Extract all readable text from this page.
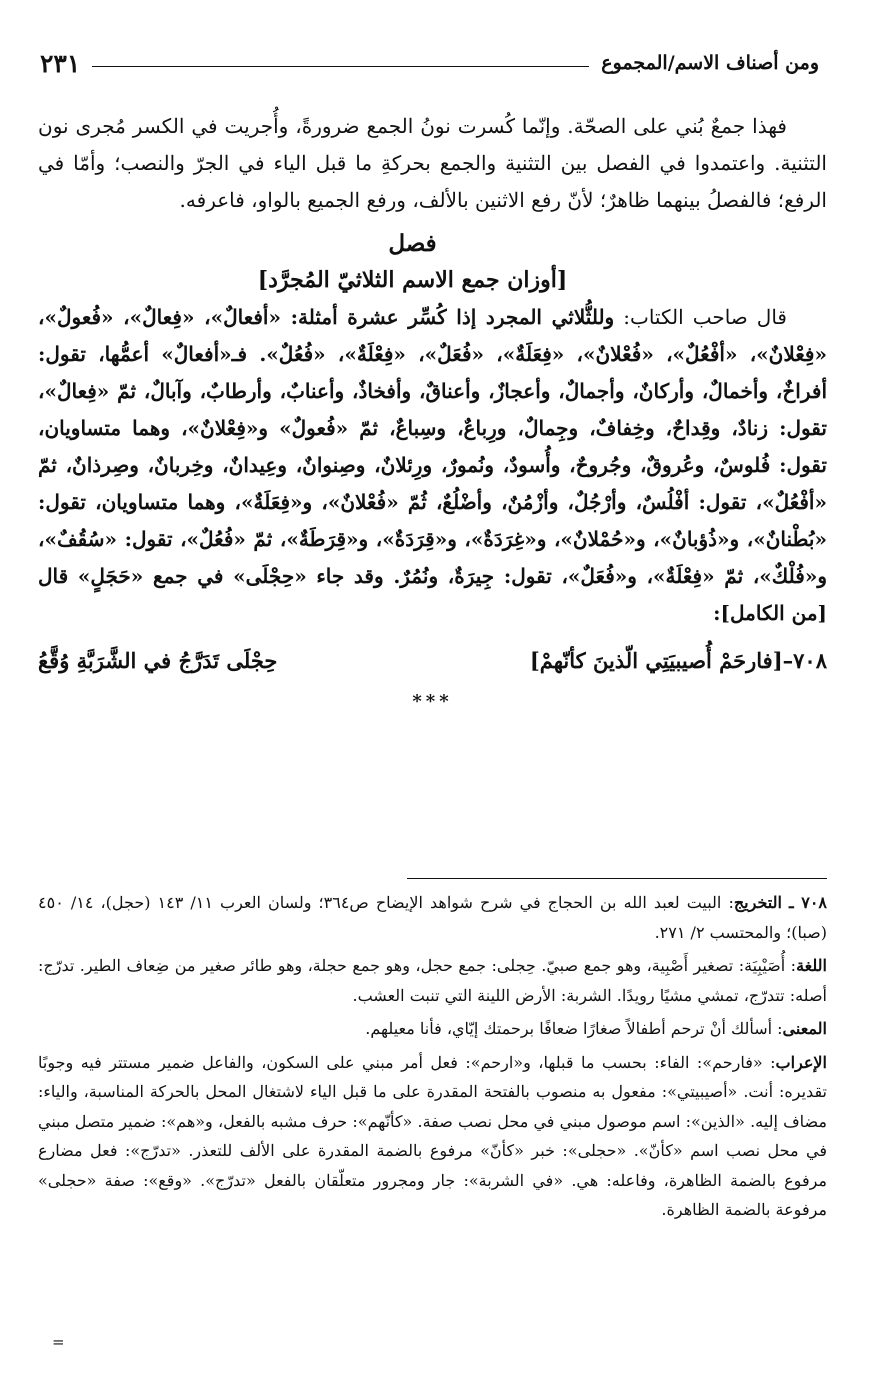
ومن أصناف الاسم/المجموع
٢٣١

فهذا جمعٌ بُني على الصحّة. وإنّما كُسرت نونُ الجمع ضرورةً، وأُجريت في الكسر مُجرى نون التثنية. واعتمدوا في الفصل بين التثنية والجمع بحركةِ ما قبل الياء في الجرّ والنصب؛ وأمّا في الرفع؛ فالفصلُ بينهما ظاهرٌ؛ لأنّ رفع الاثنين بالألف، ورفع الجميع بالواو، فاعرفه.

فصل

[أوزان جمع الاسم الثلاثيّ المُجرَّد]

قال صاحب الكتاب: وللثُّلاثي المجرد إذا كُسِّر عشرة أمثلة: «أفعالٌ»، «فِعالٌ»، «فُعولٌ»، «فِعْلانٌ»، «أفْعُلٌ»، «فُعْلانٌ»، «فِعَلَةٌ»، «فُعَلٌ»، «فِعْلَةٌ»، «فُعُلٌ». فـ«أفعالٌ» أعمُّها، تقول: أفراخٌ، وأخمالٌ، وأركانٌ، وأجمالٌ، وأعجازٌ، وأعناقٌ، وأفخاذٌ، وأعنابٌ، وأرطابٌ، وآبالٌ، ثمّ «فِعالٌ»، تقول: زنادٌ، وقِداحٌ، وخِفافٌ، وجِمالٌ، ورِباعٌ، وسِباعٌ، ثمّ «فُعولٌ» و«فِعْلانٌ»، وهما متساويان، تقول: فُلوسٌ، وعُروقٌ، وجُروحٌ، وأُسودٌ، ونُمورٌ، ورِئلانٌ، وصِنوانٌ، وعِيدانٌ، وخِربانٌ، وصِرذانٌ، ثمّ «أفْعُلٌ»، تقول: أفْلُسٌ، وأرْجُلٌ، وأزْمُنٌ، وأضْلُعٌ، ثُمّ «فُعْلانٌ»، و«فِعَلَةٌ»، وهما متساويان، تقول: «بُطْنانٌ»، و«ذُؤبانٌ»، و«حُمْلانٌ»، و«غِرَدَةٌ»، و«قِرَدَةٌ»، و«قِرَطَةٌ»، ثمّ «فُعُلٌ»، تقول: «سُقُفٌ»، و«فُلْكٌ»، ثمّ «فِعْلَةٌ»، و«فُعَلٌ»، تقول: جِيرَةٌ، ونُمُرٌ. وقد جاء «حِجْلَى» في جمع «حَجَلٍ» قال [من الكامل]:

٧٠٨–[فارحَمْ أُصيبيَتِي الّذينَ كأنّهمْ]
حِجْلَى تَدَرَّجُ في الشَّرَبَّةِ وُقَّعُ
***

٧٠٨ ـ التخريج: البيت لعبد الله بن الحجاج في شرح شواهد الإيضاح ص٣٦٤؛ ولسان العرب ١١/ ١٤٣ (حجل)، ١٤/ ٤٥٠ (صبا)؛ والمحتسب ٢/ ٢٧١.

اللغة: أُصَيْبِيَة: تصغير أَصْبِية، وهو جمع صبيّ. حِجلى: جمع حجل، وهو جمع حجلة، وهو طائر صغير من ضِعاف الطير. تدرّج: أصله: تتدرّج، تمشي مشيًا رويدًا. الشربة: الأرض اللينة التي تنبت العشب.

المعنى: أسألك أنْ ترحم أطفالاً صغارًا ضعافًا برحمتك إيّاي، فأنا معيلهم.

الإعراب: «فارحم»: الفاء: بحسب ما قبلها، و«ارحم»: فعل أمر مبني على السكون، والفاعل ضمير مستتر فيه وجوبًا تقديره: أنت. «أصيبيتي»: مفعول به منصوب بالفتحة المقدرة على ما قبل الياء لاشتغال المحل بالحركة المناسبة، والياء: مضاف إليه. «الذين»: اسم موصول مبني في محل نصب صفة. «كأنّهم»: حرف مشبه بالفعل، و«هم»: ضمير متصل مبني في محل نصب اسم «كأنّ». «حجلى»: خبر «كأنّ» مرفوع بالضمة المقدرة على الألف للتعذر. «تدرّج»: فعل مضارع مرفوع بالضمة الظاهرة، وفاعله: هي. «في الشربة»: جار ومجرور متعلّقان بالفعل «تدرّج». «وقع»: صفة «حجلى» مرفوعة بالضمة الظاهرة.

=
